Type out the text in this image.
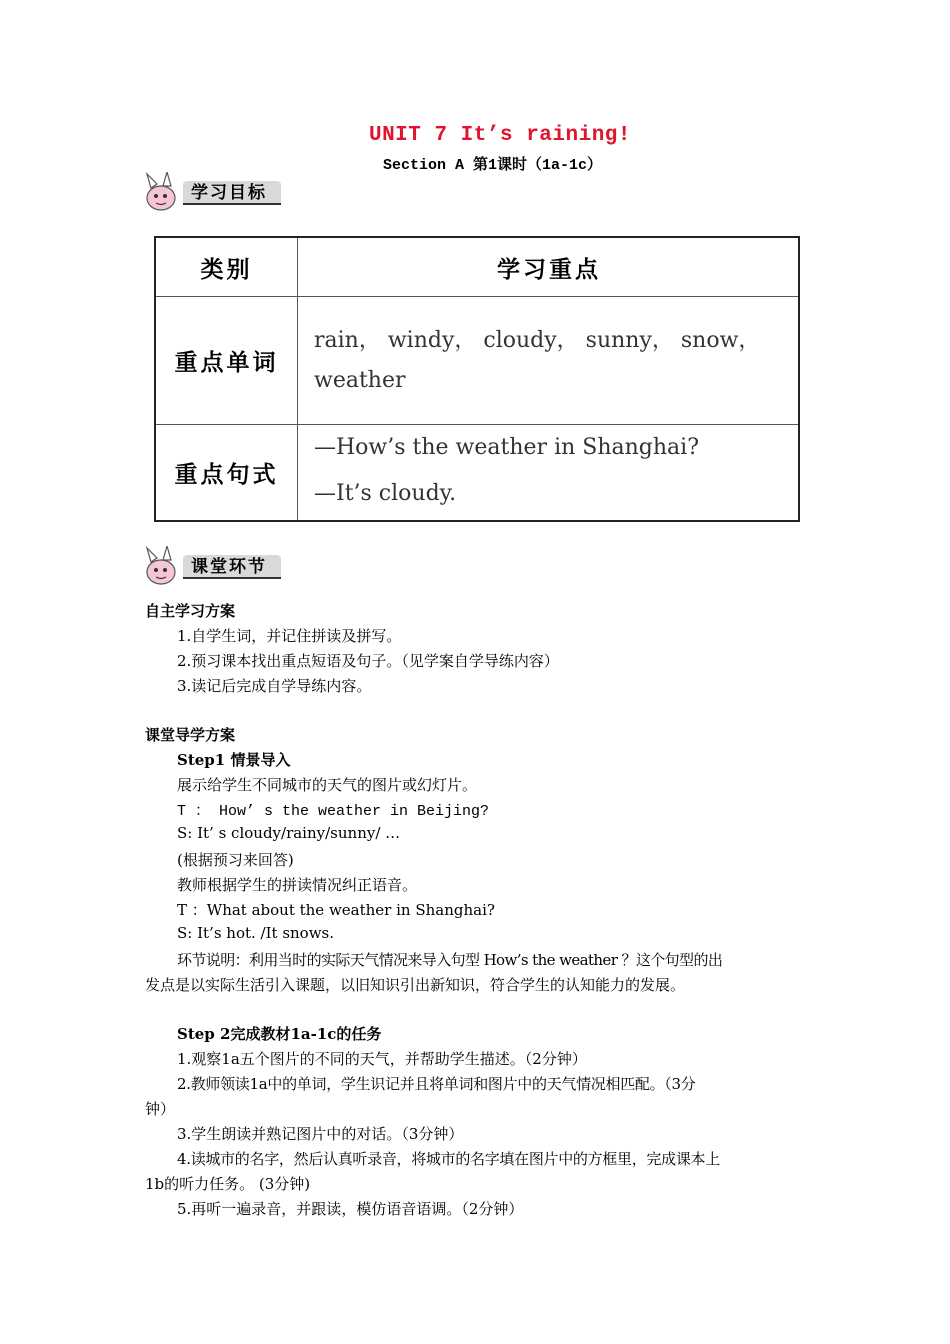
UNIT 7 It’s raining!
Section A 第1课时（1a-1c）
学习目标
类别	学习重点
重点单词
rain， windy， cloudy， sunny， snow，
weather
重点句式
—How’s the weather in Shanghai?
—It’s cloudy.
课堂环节
自主学习方案
1.自学生词，并记住拼读及拼写。
2.预习课本找出重点短语及句子。（见学案自学导练内容）
3.读记后完成自学导练内容。
课堂导学方案
Step1 情景导入
展示给学生不同城市的天气的图片或幻灯片。
T ： How’ s the weather in Beijing?
S: It’ s cloudy/rainy/sunny/ …
(根据预习来回答)
教师根据学生的拼读情况纠正语音。
T ：What about the weather in Shanghai?
S: It’s hot. /It snows.
环节说明：利用当时的实际天气情况来导入句型 How’s the weather ？这个句型的出
发点是以实际生活引入课题，以旧知识引出新知识，符合学生的认知能力的发展。
Step 2完成教材1a-1c的任务
1.观察1a五个图片的不同的天气，并帮助学生描述。（2分钟）
2.教师领读1a中的单词，学生识记并且将单词和图片中的天气情况相匹配。（3分
钟）
3.学生朗读并熟记图片中的对话。（3分钟）
4.读城市的名字，然后认真听录音，将城市的名字填在图片中的方框里，完成课本上
1b的听力任务。 (3分钟)
5.再听一遍录音，并跟读，模仿语音语调。（2分钟）
